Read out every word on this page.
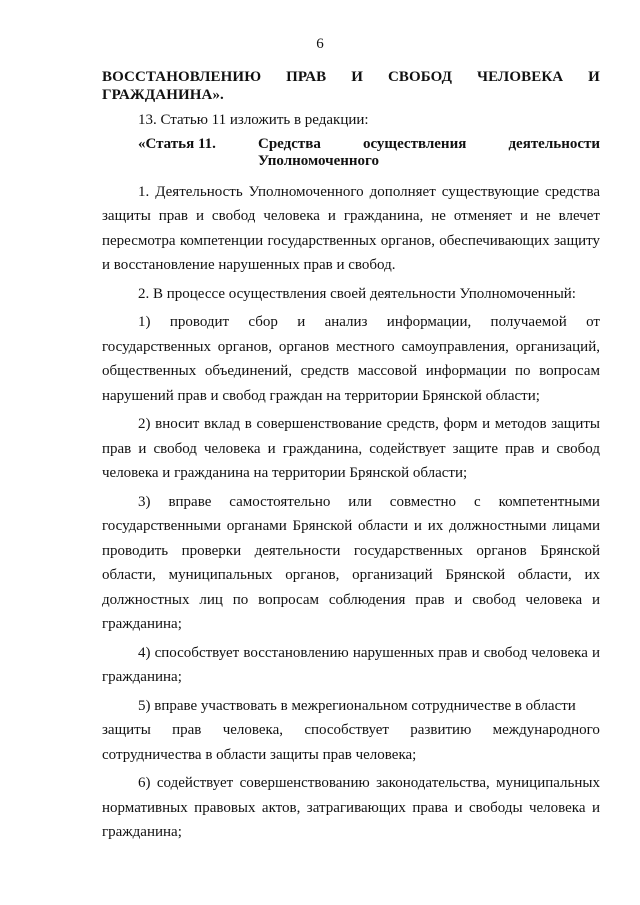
6
ВОССТАНОВЛЕНИЮ ПРАВ И СВОБОД ЧЕЛОВЕКА И
ГРАЖДАНИНА».

13. Статью 11 изложить в редакции:

«Статья 11.	Средства	осуществления	деятельности
Уполномоченного

1. Деятельность Уполномоченного дополняет существующие средства защиты прав и свобод человека и гражданина, не отменяет и не влечет пересмотра компетенции государственных органов, обеспечивающих защиту и восстановление нарушенных прав и свобод.

2. В процессе осуществления своей деятельности Уполномоченный:

1) проводит сбор и анализ информации, получаемой от

государственных органов, органов местного самоуправления, организаций, общественных объединений, средств массовой информации по вопросам нарушений прав и свобод граждан на территории Брянской области;

2) вносит вклад в совершенствование средств, форм и методов защиты прав и свобод человека и гражданина, содействует защите прав и свобод человека и гражданина на территории Брянской области;

3) вправе самостоятельно или совместно с компетентными

государственными органами Брянской области и их должностными лицами проводить проверки деятельности государственных органов Брянской области, муниципальных органов, организаций Брянской области, их должностных лиц по вопросам соблюдения прав и свобод человека и гражданина;

4) способствует восстановлению нарушенных прав и свобод человека и гражданина;

5) вправе участвовать в межрегиональном сотрудничестве в области

защиты прав человека, способствует развитию международного

сотрудничества в области защиты прав человека;

6) содействует совершенствованию законодательства, муниципальных нормативных правовых актов, затрагивающих права и свободы человека и гражданина;
